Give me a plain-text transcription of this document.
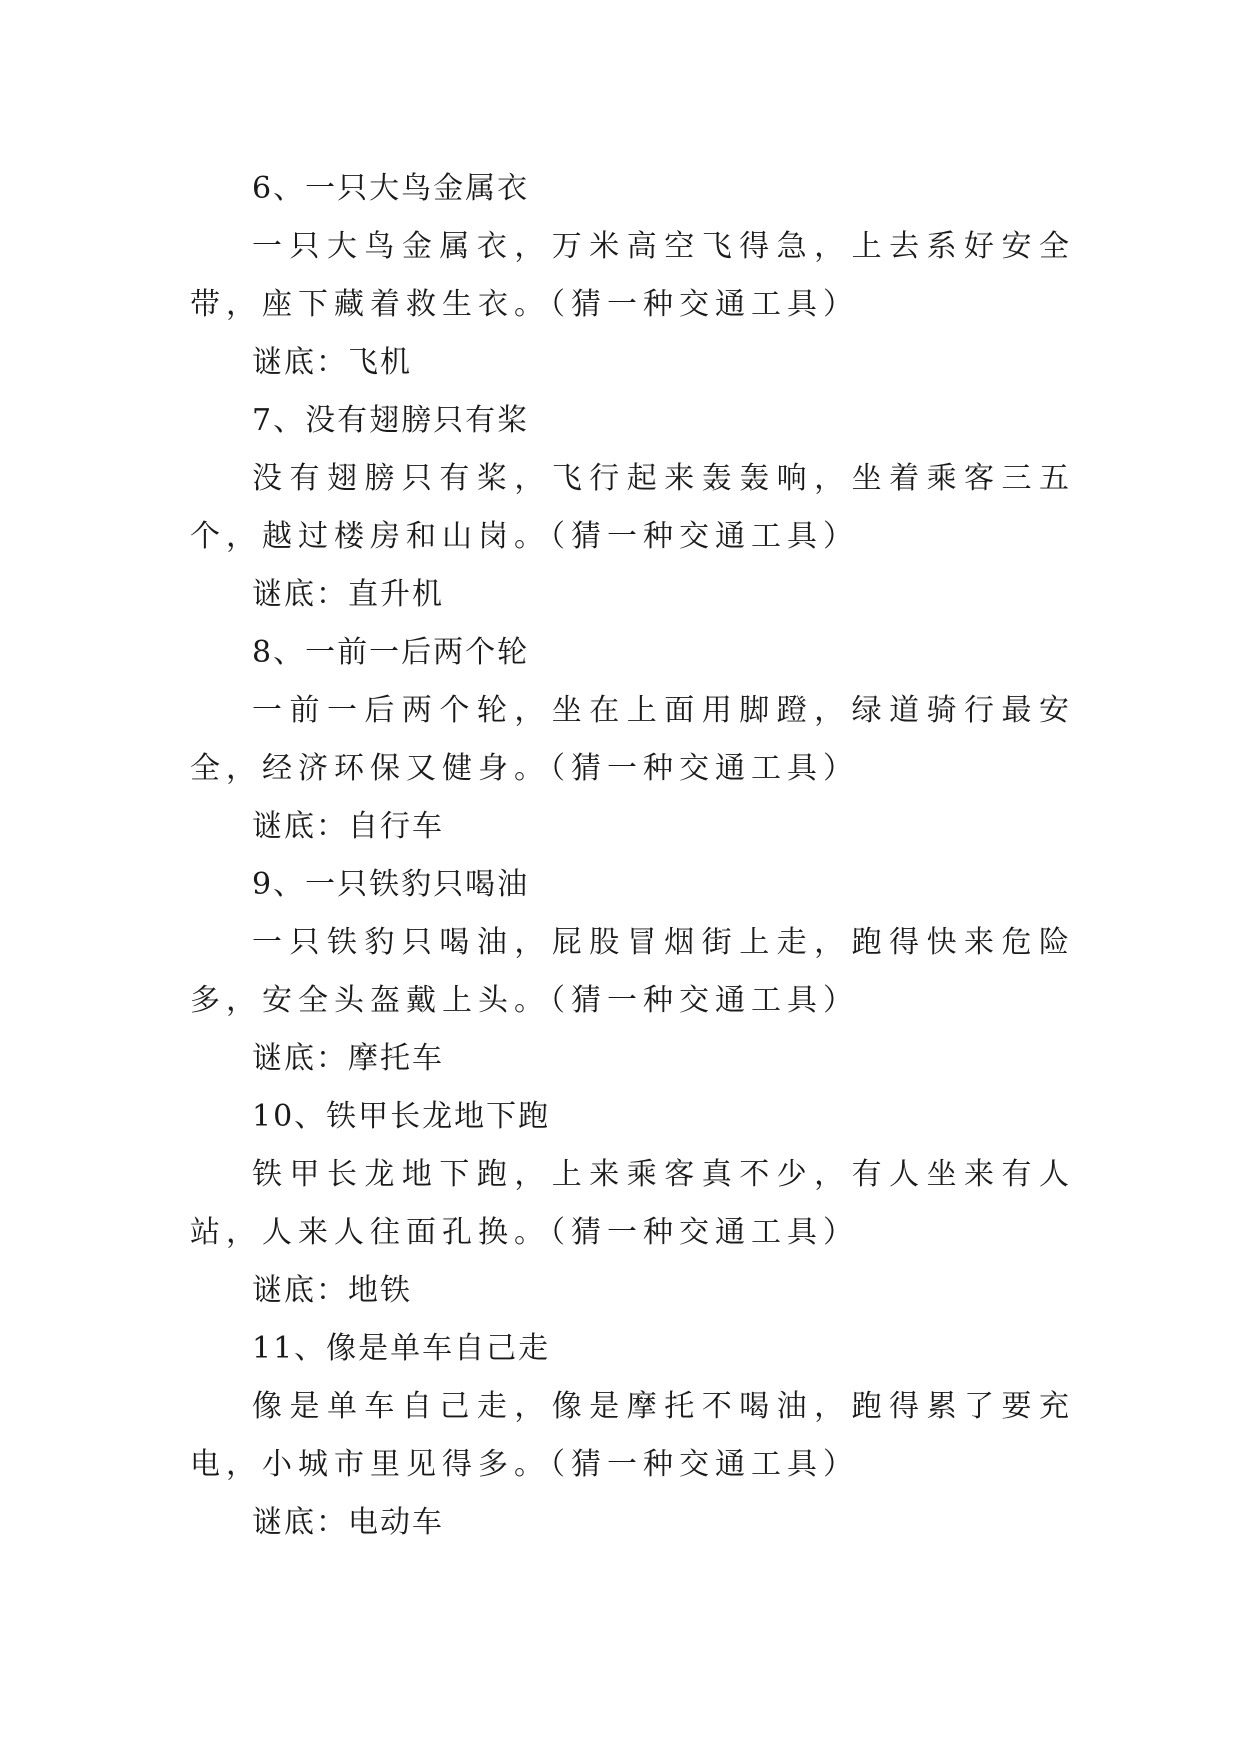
6、一只大鸟金属衣

一只大鸟金属衣，万米高空飞得急，上去系好安全带，座下藏着救生衣。（猜一种交通工具）

谜底：飞机

7、没有翅膀只有桨

没有翅膀只有桨，飞行起来轰轰响，坐着乘客三五个，越过楼房和山岗。（猜一种交通工具）

谜底：直升机

8、一前一后两个轮

一前一后两个轮，坐在上面用脚蹬，绿道骑行最安全，经济环保又健身。（猜一种交通工具）

谜底：自行车

9、一只铁豹只喝油

一只铁豹只喝油，屁股冒烟街上走，跑得快来危险多，安全头盔戴上头。（猜一种交通工具）

谜底：摩托车

10、铁甲长龙地下跑

铁甲长龙地下跑，上来乘客真不少，有人坐来有人站，人来人往面孔换。（猜一种交通工具）

谜底：地铁

11、像是单车自己走

像是单车自己走，像是摩托不喝油，跑得累了要充电，小城市里见得多。（猜一种交通工具）

谜底：电动车
